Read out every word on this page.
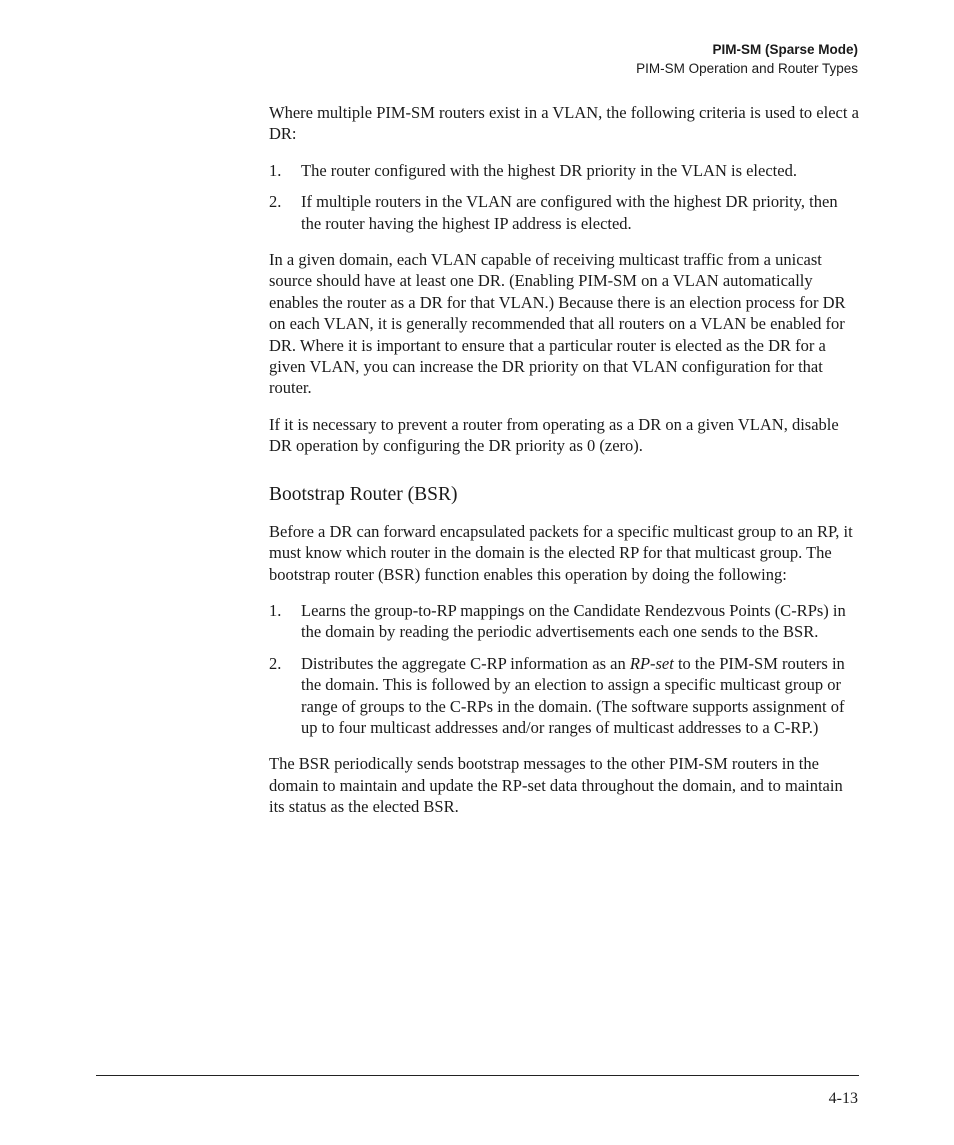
PIM-SM (Sparse Mode)
PIM-SM Operation and Router Types

Where multiple PIM-SM routers exist in a VLAN, the following criteria is used to elect a DR:

1. The router configured with the highest DR priority in the VLAN is elected.
2. If multiple routers in the VLAN are configured with the highest DR priority, then the router having the highest IP address is elected.

In a given domain, each VLAN capable of receiving multicast traffic from a unicast source should have at least one DR. (Enabling PIM-SM on a VLAN automatically enables the router as a DR for that VLAN.) Because there is an election process for DR on each VLAN, it is generally recommended that all routers on a VLAN be enabled for DR. Where it is important to ensure that a particular router is elected as the DR for a given VLAN, you can increase the DR priority on that VLAN configuration for that router.

If it is necessary to prevent a router from operating as a DR on a given VLAN, disable DR operation by configuring the DR priority as 0 (zero).

Bootstrap Router (BSR)

Before a DR can forward encapsulated packets for a specific multicast group to an RP, it must know which router in the domain is the elected RP for that multicast group. The bootstrap router (BSR) function enables this operation by doing the following:

1. Learns the group-to-RP mappings on the Candidate Rendezvous Points (C-RPs) in the domain by reading the periodic advertisements each one sends to the BSR.
2. Distributes the aggregate C-RP information as an RP-set to the PIM-SM routers in the domain. This is followed by an election to assign a specific multicast group or range of groups to the C-RPs in the domain. (The software supports assignment of up to four multicast addresses and/or ranges of multicast addresses to a C-RP.)

The BSR periodically sends bootstrap messages to the other PIM-SM routers in the domain to maintain and update the RP-set data throughout the domain, and to maintain its status as the elected BSR.

4-13
